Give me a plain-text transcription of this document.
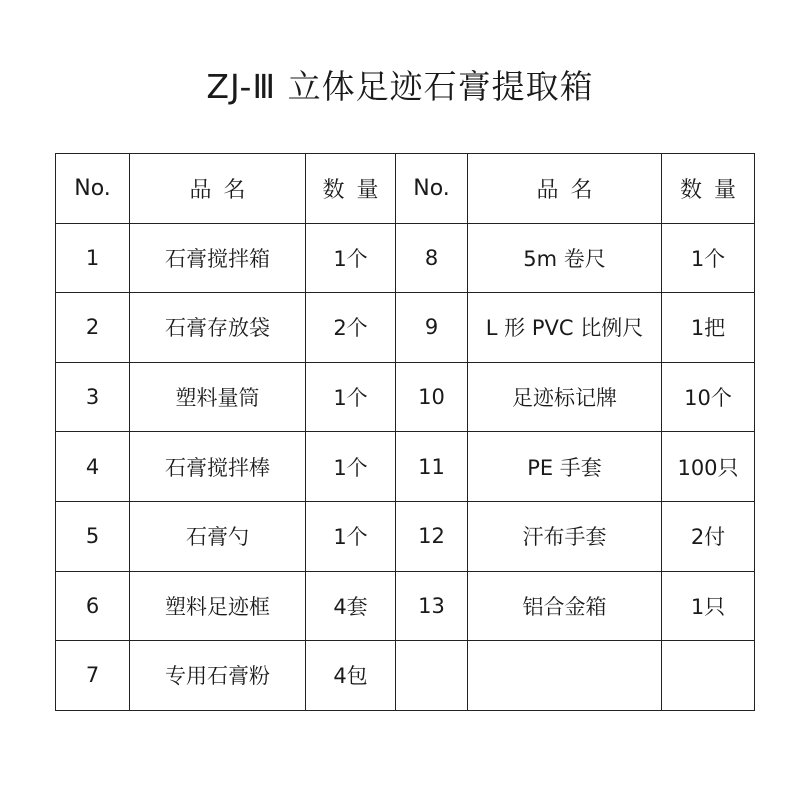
ZJ-Ⅲ 立体足迹石膏提取箱
No.	品名	数量	No.	品名	数量
1	石膏搅拌箱	1个	8	5m 卷尺	1个
2	石膏存放袋	2个	9	L 形 PVC 比例尺	1把
3	塑料量筒	1个	10	足迹标记牌	10个
4	石膏搅拌棒	1个	11	PE 手套	100只
5	石膏勺	1个	12	汗布手套	2付
6	塑料足迹框	4套	13	铝合金箱	1只
7	专用石膏粉	4包			
